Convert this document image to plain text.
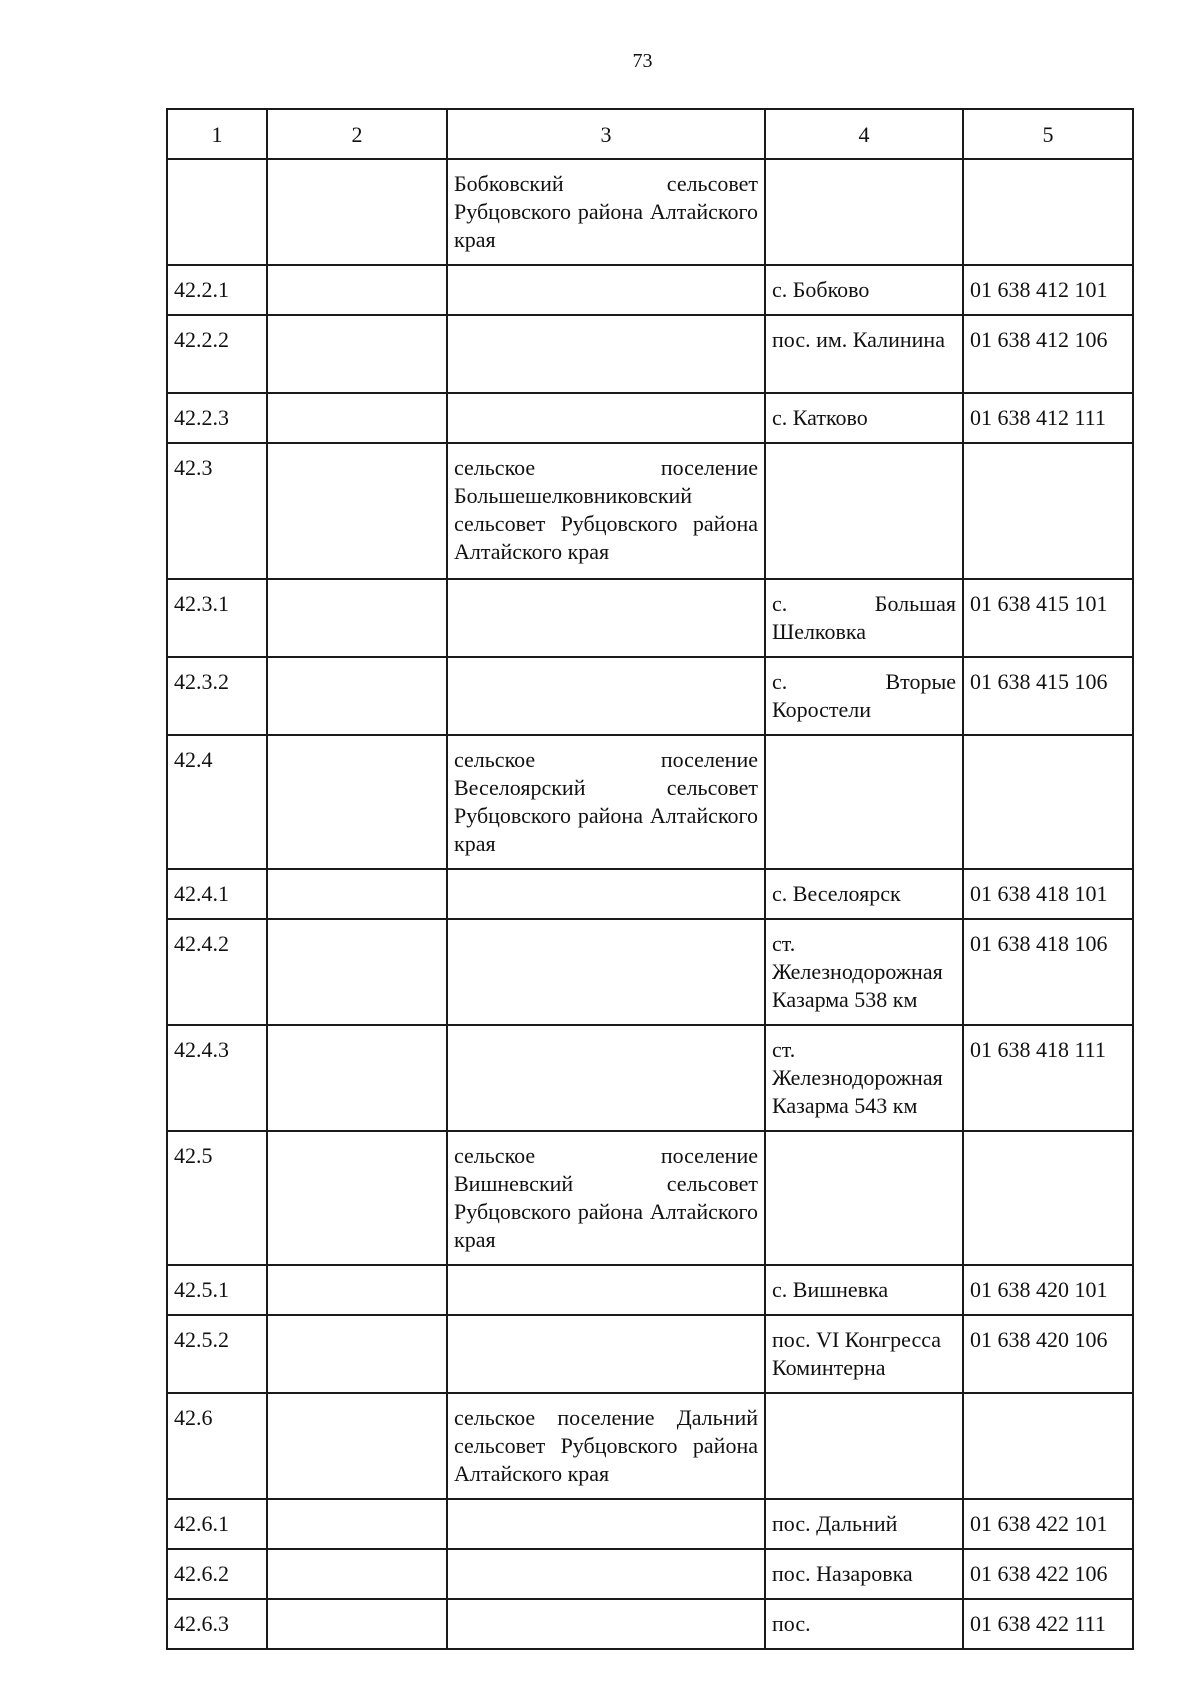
73
1	2	3	4	5
		Бобковский сельсовет Рубцовского района Алтайского края		
42.2.1			с. Бобково	01 638 412 101
42.2.2			пос. им. Калинина	01 638 412 106
42.2.3			с. Катково	01 638 412 111
42.3		сельское поселение Большешелковниковский сельсовет Рубцовского района Алтайского края		
42.3.1			с. Большая Шелковка	01 638 415 101
42.3.2			с. Вторые Коростели	01 638 415 106
42.4		сельское поселение Веселоярский сельсовет Рубцовского района Алтайского края		
42.4.1			с. Веселоярск	01 638 418 101
42.4.2			ст. Железнодорожная Казарма 538 км	01 638 418 106
42.4.3			ст. Железнодорожная Казарма 543 км	01 638 418 111
42.5		сельское поселение Вишневский сельсовет Рубцовского района Алтайского края		
42.5.1			с. Вишневка	01 638 420 101
42.5.2			пос. VI Конгресса Коминтерна	01 638 420 106
42.6		сельское поселение Дальний сельсовет Рубцовского района Алтайского края		
42.6.1			пос. Дальний	01 638 422 101
42.6.2			пос. Назаровка	01 638 422 106
42.6.3			пос.	01 638 422 111
